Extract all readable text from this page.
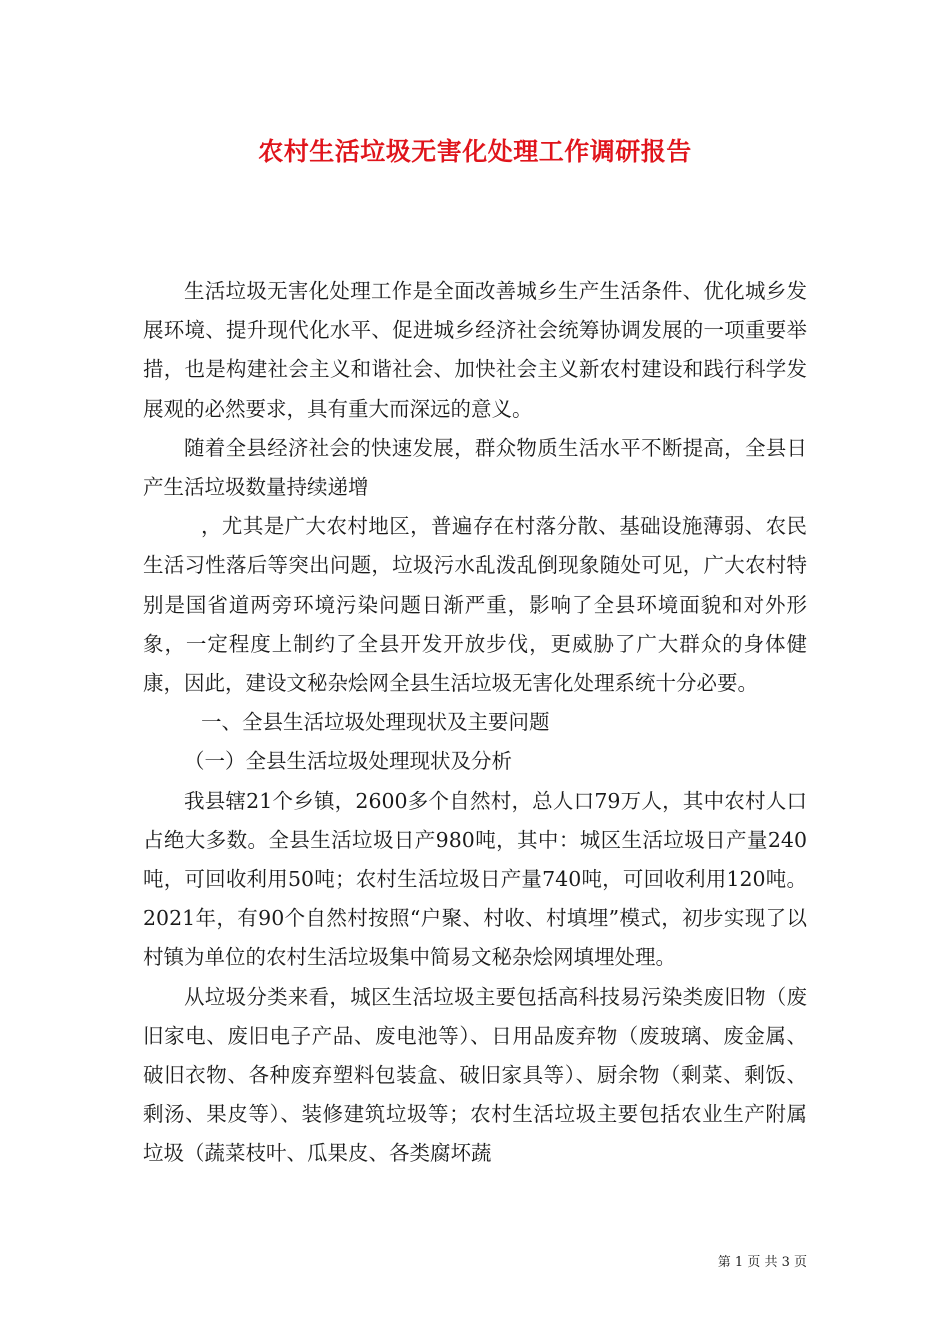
农村生活垃圾无害化处理工作调研报告

生活垃圾无害化处理工作是全面改善城乡生产生活条件、优化城乡发展环境、提升现代化水平、促进城乡经济社会统筹协调发展的一项重要举措，也是构建社会主义和谐社会、加快社会主义新农村建设和践行科学发展观的必然要求，具有重大而深远的意义。

随着全县经济社会的快速发展，群众物质生活水平不断提高，全县日产生活垃圾数量持续递增

，尤其是广大农村地区，普遍存在村落分散、基础设施薄弱、农民生活习性落后等突出问题，垃圾污水乱泼乱倒现象随处可见，广大农村特别是国省道两旁环境污染问题日渐严重，影响了全县环境面貌和对外形象，一定程度上制约了全县开发开放步伐，更威胁了广大群众的身体健康，因此，建设文秘杂烩网全县生活垃圾无害化处理系统十分必要。

一、全县生活垃圾处理现状及主要问题

（一）全县生活垃圾处理现状及分析

我县辖21个乡镇，2600多个自然村，总人口79万人，其中农村人口占绝大多数。全县生活垃圾日产980吨，其中：城区生活垃圾日产量240吨，可回收利用50吨；农村生活垃圾日产量740吨，可回收利用120吨。2021年，有90个自然村按照“户聚、村收、村填埋”模式，初步实现了以村镇为单位的农村生活垃圾集中简易文秘杂烩网填埋处理。

从垃圾分类来看，城区生活垃圾主要包括高科技易污染类废旧物（废旧家电、废旧电子产品、废电池等）、日用品废弃物（废玻璃、废金属、破旧衣物、各种废弃塑料包装盒、破旧家具等）、厨余物（剩菜、剩饭、剩汤、果皮等）、装修建筑垃圾等；农村生活垃圾主要包括农业生产附属垃圾（蔬菜枝叶、瓜果皮、各类腐坏蔬

第 1 页 共 3 页
